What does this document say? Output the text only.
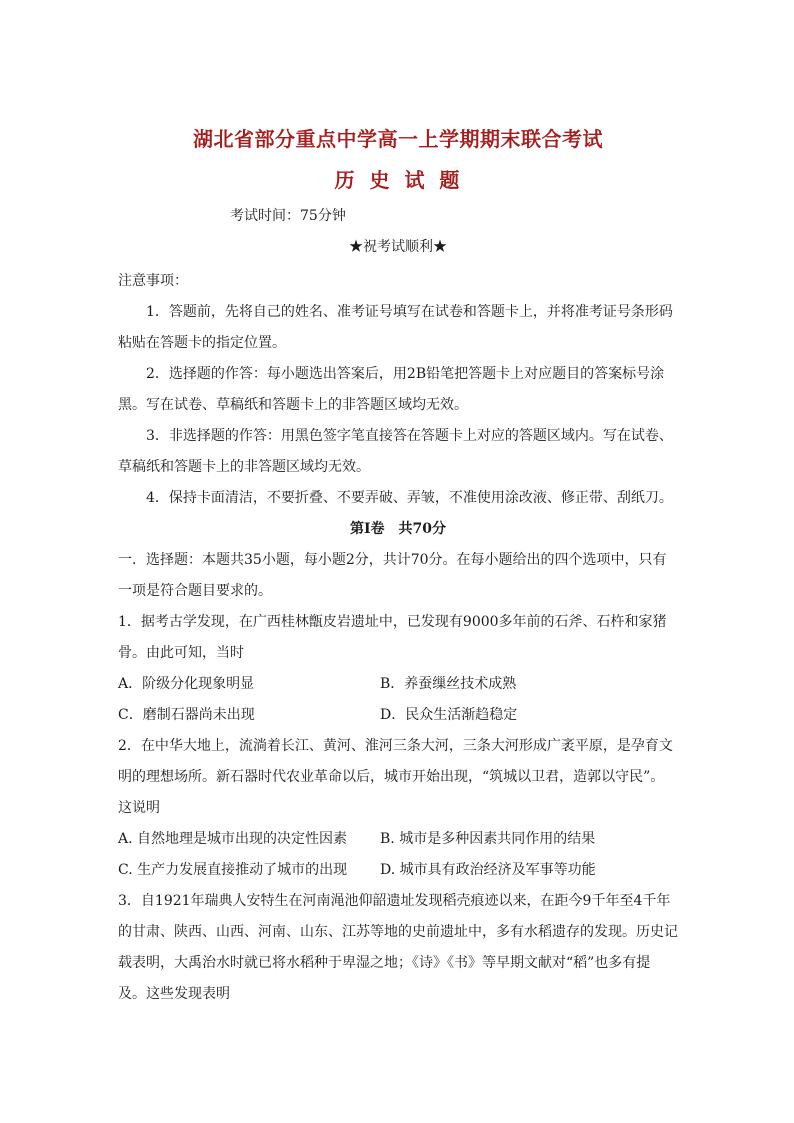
湖北省部分重点中学高一上学期期末联合考试
历 史 试 题
考试时间：75分钟
★祝考试顺利★

注意事项：

1．答题前，先将自己的姓名、准考证号填写在试卷和答题卡上，并将准考证号条形码粘贴在答题卡的指定位置。

2．选择题的作答：每小题选出答案后，用2B铅笔把答题卡上对应题目的答案标号涂黑。写在试卷、草稿纸和答题卡上的非答题区域均无效。

3．非选择题的作答：用黑色签字笔直接答在答题卡上对应的答题区域内。写在试卷、草稿纸和答题卡上的非答题区域均无效。

4．保持卡面清洁，不要折叠、不要弄破、弄皱，不准使用涂改液、修正带、刮纸刀。

第Ⅰ卷　共70分

一．选择题：本题共35小题，每小题2分，共计70分。在每小题给出的四个选项中，只有一项是符合题目要求的。

1．据考古学发现，在广西桂林甑皮岩遗址中，已发现有9000多年前的石斧、石杵和家猪骨。由此可知，当时

A．阶级分化现象明显	B．养蚕缫丝技术成熟
C．磨制石器尚未出现	D．民众生活渐趋稳定

2．在中华大地上，流淌着长江、黄河、淮河三条大河，三条大河形成广袤平原，是孕育文明的理想场所。新石器时代农业革命以后，城市开始出现，“筑城以卫君，造郭以守民”。这说明

A. 自然地理是城市出现的决定性因素	B. 城市是多种因素共同作用的结果
C. 生产力发展直接推动了城市的出现	D. 城市具有政治经济及军事等功能

3．自1921年瑞典人安特生在河南渑池仰韶遗址发现稻壳痕迹以来，在距今9千年至4千年的甘肃、陕西、山西、河南、山东、江苏等地的史前遗址中，多有水稻遗存的发现。历史记载表明，大禹治水时就已将水稻种于卑湿之地；《诗》《书》等早期文献对“稻”也多有提及。这些发现表明
